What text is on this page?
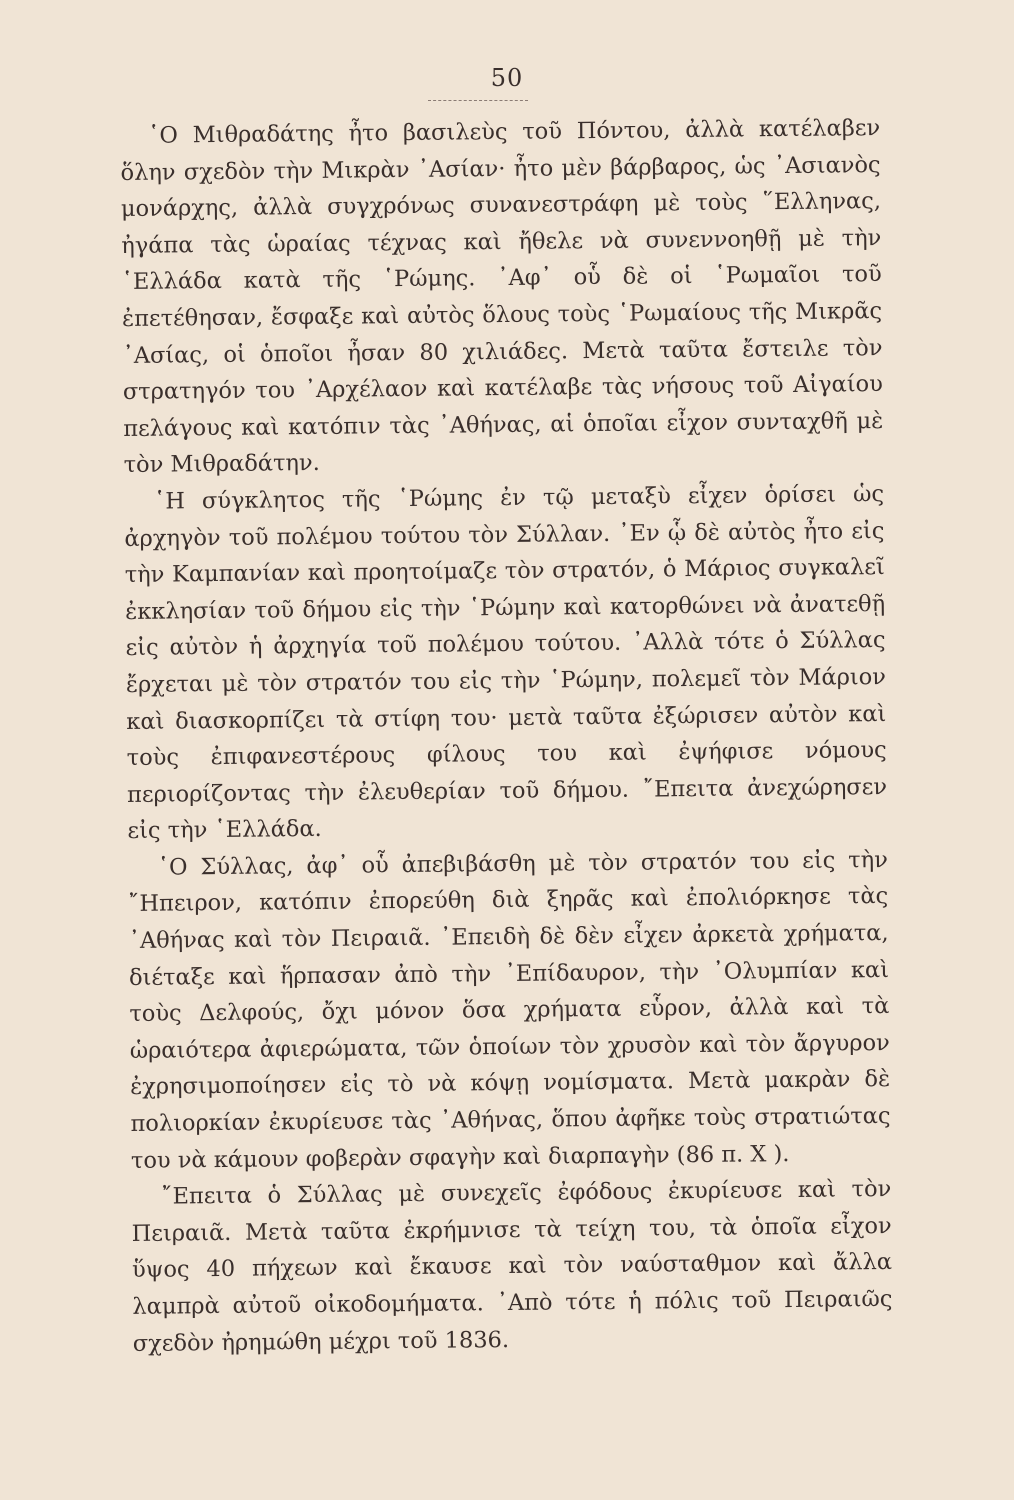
50

῾Ο Μιθραδάτης ἦτο βασιλεὺς τοῦ Πόντου, ἀλλὰ κατέλαβεν ὅλην σχεδὸν τὴν Μικρὰν ᾿Ασίαν· ἦτο μὲν βάρβαρος, ὡς ᾿Ασιανὸς μονάρχης, ἀλλὰ συγχρόνως συνανεστράφη μὲ τοὺς ῞Ελληνας, ἠγάπα τὰς ὡραίας τέχνας καὶ ἤθελε νὰ συνεννοηθῇ μὲ τὴν ῾Ελλάδα κατὰ τῆς ῾Ρώμης. ᾿Αφ᾿ οὗ δὲ οἱ ῾Ρωμαῖοι τοῦ ἐπετέθησαν, ἔσφαξε καὶ αὐτὸς ὅλους τοὺς ῾Ρωμαίους τῆς Μικρᾶς ᾿Ασίας, οἱ ὁποῖοι ἦσαν 80 χιλιάδες. Μετὰ ταῦτα ἔστειλε τὸν στρατηγόν του ᾿Αρχέλαον καὶ κατέλαβε τὰς νήσους τοῦ Αἰγαίου πελάγους καὶ κατόπιν τὰς ᾿Αθήνας, αἱ ὁποῖαι εἶχον συνταχθῆ μὲ τὸν Μιθραδάτην.

῾Η σύγκλητος τῆς ῾Ρώμης ἐν τῷ μεταξὺ εἶχεν ὁρίσει ὡς ἀρχηγὸν τοῦ πολέμου τούτου τὸν Σύλλαν. ᾿Εν ᾧ δὲ αὐτὸς ἦτο εἰς τὴν Καμπανίαν καὶ προητοίμαζε τὸν στρατόν, ὁ Μάριος συγκαλεῖ ἐκκλησίαν τοῦ δήμου εἰς τὴν ῾Ρώμην καὶ κατορθώνει νὰ ἀνατεθῇ εἰς αὐτὸν ἡ ἀρχηγία τοῦ πολέμου τούτου. ᾿Αλλὰ τότε ὁ Σύλλας ἔρχεται μὲ τὸν στρατόν του εἰς τὴν ῾Ρώμην, πολεμεῖ τὸν Μάριον καὶ διασκορπίζει τὰ στίφη του· μετὰ ταῦτα ἐξώρισεν αὐτὸν καὶ τοὺς ἐπιφανεστέρους φίλους του καὶ ἐψήφισε νόμους περιορίζοντας τὴν ἐλευθερίαν τοῦ δήμου. ῎Επειτα ἀνεχώρησεν εἰς τὴν ῾Ελλάδα.

῾Ο Σύλλας, ἀφ᾿ οὗ ἀπεβιβάσθη μὲ τὸν στρατόν του εἰς τὴν ῎Ηπειρον, κατόπιν ἐπορεύθη διὰ ξηρᾶς καὶ ἐπολιόρκησε τὰς ᾿Αθήνας καὶ τὸν Πειραιᾶ. ᾿Επειδὴ δὲ δὲν εἶχεν ἀρκετὰ χρήματα, διέταξε καὶ ἥρπασαν ἀπὸ τὴν ᾿Επίδαυρον, τὴν ᾿Ολυμπίαν καὶ τοὺς Δελφούς, ὄχι μόνον ὅσα χρήματα εὗρον, ἀλλὰ καὶ τὰ ὡραιότερα ἀφιερώματα, τῶν ὁποίων τὸν χρυσὸν καὶ τὸν ἄργυρον ἐχρησιμοποίησεν εἰς τὸ νὰ κόψῃ νομίσματα. Μετὰ μακρὰν δὲ πολιορκίαν ἐκυρίευσε τὰς ᾿Αθήνας, ὅπου ἀφῆκε τοὺς στρατιώτας του νὰ κάμουν φοβερὰν σφαγὴν καὶ διαρπαγὴν (86 π. Χ ).

῎Επειτα ὁ Σύλλας μὲ συνεχεῖς ἐφόδους ἐκυρίευσε καὶ τὸν Πειραιᾶ. Μετὰ ταῦτα ἐκρήμνισε τὰ τείχη του, τὰ ὁποῖα εἶχον ὕψος 40 πήχεων καὶ ἔκαυσε καὶ τὸν ναύσταθμον καὶ ἄλλα λαμπρὰ αὐτοῦ οἰκοδομήματα. ᾿Απὸ τότε ἡ πόλις τοῦ Πειραιῶς σχεδὸν ἠρημώθη μέχρι τοῦ 1836.
